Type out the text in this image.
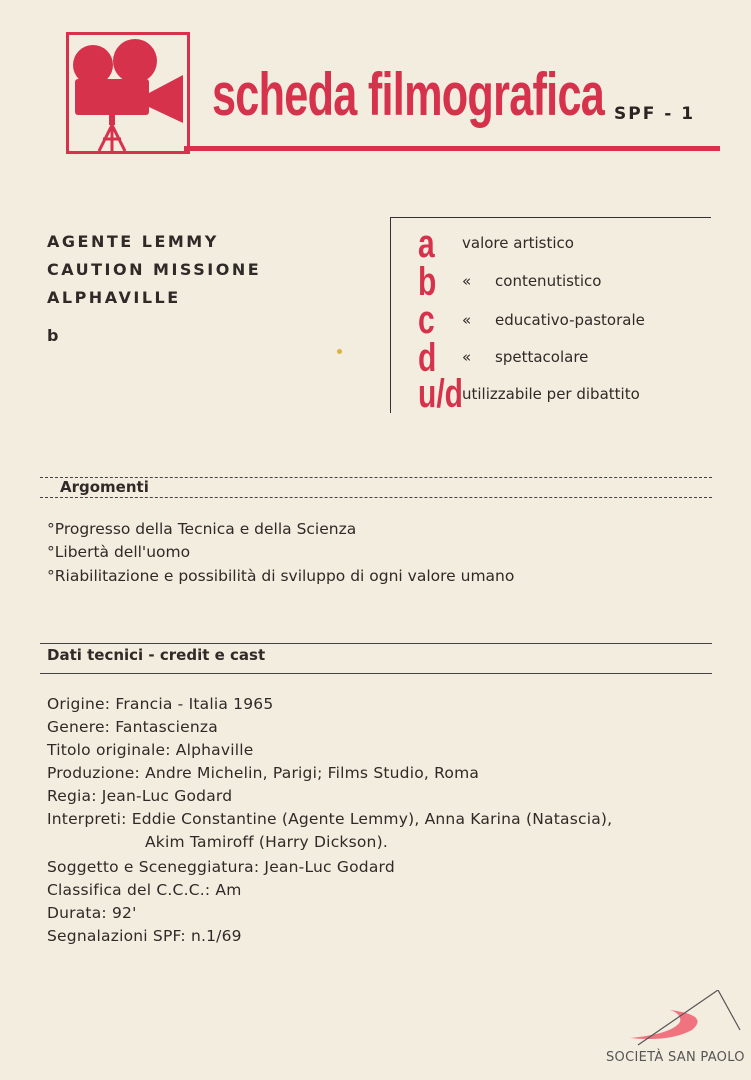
scheda filmografica SPF - 1
AGENTE LEMMY
CAUTION MISSIONE
ALPHAVILLE
b
a valore artistico
b «     contenutistico
c «     educativo-pastorale
d «     spettacolare
u/d utilizzabile per dibattito
Argomenti
°Progresso della Tecnica e della Scienza
°Libertà dell'uomo
°Riabilitazione e possibilità di sviluppo di ogni valore umano
Dati tecnici - credit e cast
Origine: Francia - Italia 1965
Genere: Fantascienza
Titolo originale: Alphaville
Produzione: Andre Michelin, Parigi; Films Studio, Roma
Regia: Jean-Luc Godard
Interpreti: Eddie Constantine (Agente Lemmy), Anna Karina (Natascia),
Akim Tamiroff (Harry Dickson).
Soggetto e Sceneggiatura: Jean-Luc Godard
Classifica del C.C.C.: Am
Durata: 92'
Segnalazioni SPF: n.1/69
SOCIETÀ SAN PAOLO
